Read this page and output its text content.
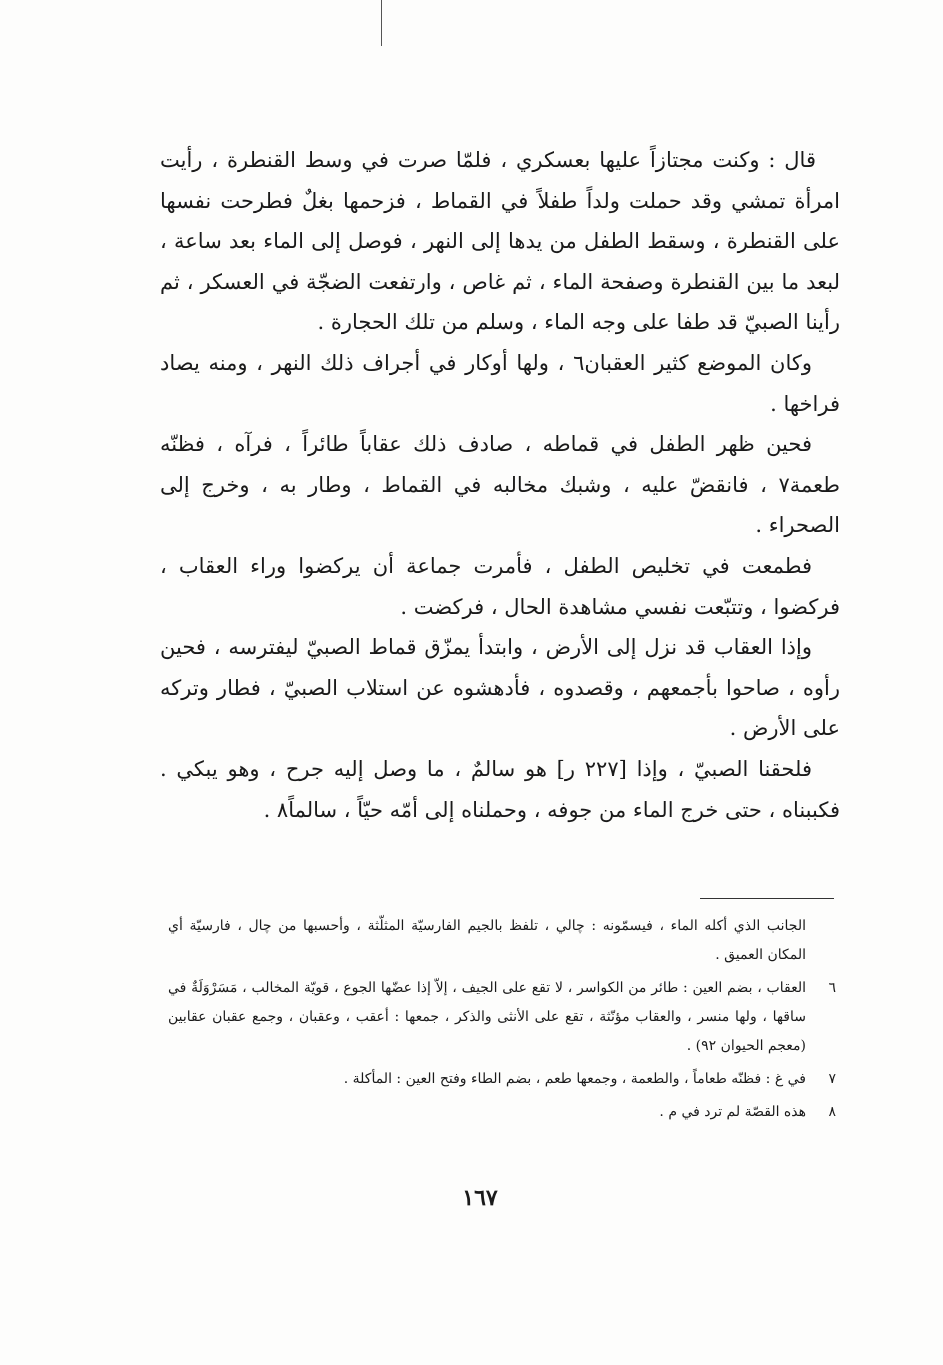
قال : وكنت مجتازاً عليها بعسكري ، فلمّا صرت في وسط القنطرة ، رأيت امرأة تمشي وقد حملت ولداً طفلاً في القماط ، فزحمها بغلٌ فطرحت نفسها على القنطرة ، وسقط الطفل من يدها إلى النهر ، فوصل إلى الماء بعد ساعة ، لبعد ما بين القنطرة وصفحة الماء ، ثم غاص ، وارتفعت الضجّة في العسكر ، ثم رأينا الصبيّ قد طفا على وجه الماء ، وسلم من تلك الحجارة .

وكان الموضع كثير العقبان٦ ، ولها أوكار في أجراف ذلك النهر ، ومنه يصاد فراخها .

فحين ظهر الطفل في قماطه ، صادف ذلك عقاباً طائراً ، فرآه ، فظنّه طعمة٧ ، فانقضّ عليه ، وشبك مخالبه في القماط ، وطار به ، وخرج إلى الصحراء .

فطمعت في تخليص الطفل ، فأمرت جماعة أن يركضوا وراء العقاب ، فركضوا ، وتتبّعت نفسي مشاهدة الحال ، فركضت .

وإذا العقاب قد نزل إلى الأرض ، وابتدأ يمزّق قماط الصبيّ ليفترسه ، فحين رأوه ، صاحوا بأجمعهم ، وقصدوه ، فأدهشوه عن استلاب الصبيّ ، فطار وتركه على الأرض .

فلحقنا الصبيّ ، وإذا [٢٢٧ ر] هو سالمٌ ، ما وصل إليه جرح ، وهو يبكي . فكببناه ، حتى خرج الماء من جوفه ، وحملناه إلى أمّه حيّاً ، سالماً٨ .

الجانب الذي أكله الماء ، فيسمّونه : چالي ، تلفظ بالجيم الفارسيّة المثلّثة ، وأحسبها من چال ، فارسيّة أي المكان العميق .
٦
العقاب ، بضم العين : طائر من الكواسر ، لا تقع على الجيف ، إلاّ إذا عضّها الجوع ، قويّة المخالب ، مَسَرْوَلَةٌ في ساقها ، ولها منسر ، والعقاب مؤنّثة ، تقع على الأنثى والذكر ، جمعها : أعقب ، وعقبان ، وجمع عقبان عقابين (معجم الحيوان ٩٢) .
٧
في غ : فظنّه طعاماً ، والطعمة ، وجمعها طعم ، بضم الطاء وفتح العين : المأكلة .
٨
هذه القصّة لم ترد في م .
١٦٧
